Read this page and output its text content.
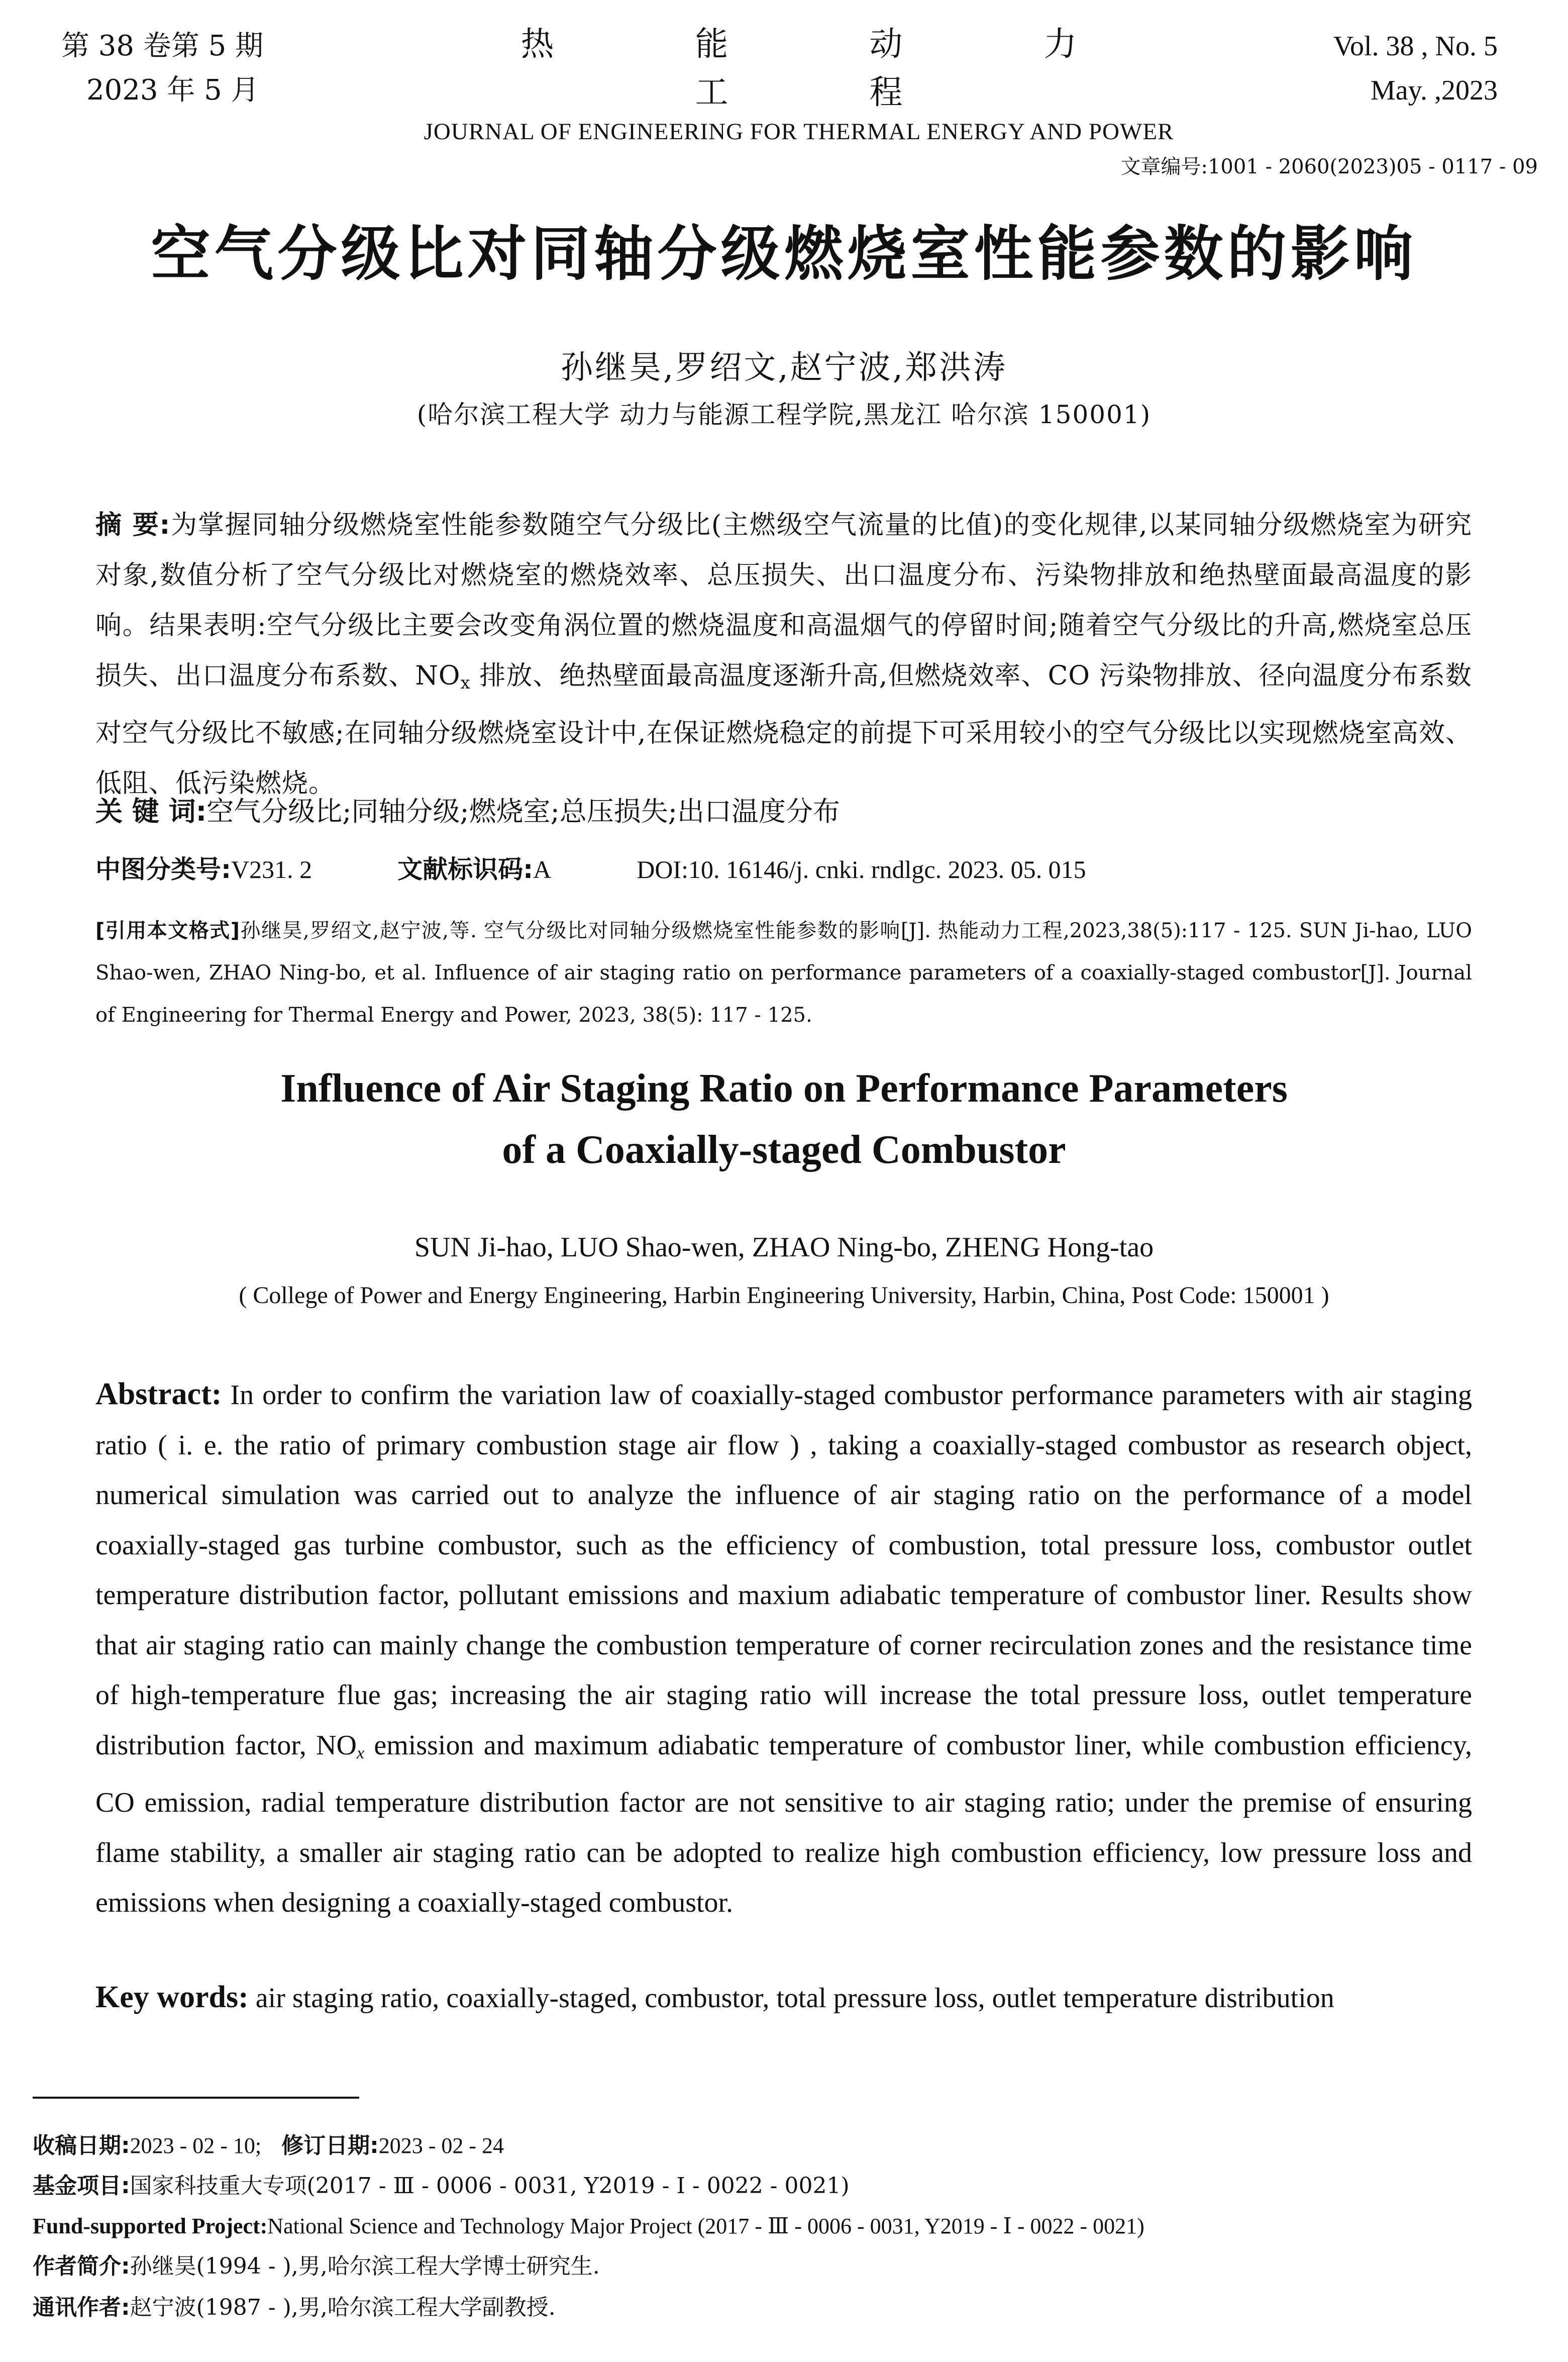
第 38 卷第 5 期
2023 年 5 月
热 能 动 力 工 程
JOURNAL OF ENGINEERING FOR THERMAL ENERGY AND POWER
Vol. 38 , No. 5
May. ,2023
文章编号:1001 - 2060(2023)05 - 0117 - 09
空气分级比对同轴分级燃烧室性能参数的影响
孙继昊,罗绍文,赵宁波,郑洪涛
(哈尔滨工程大学 动力与能源工程学院,黑龙江 哈尔滨 150001)
摘 要:为掌握同轴分级燃烧室性能参数随空气分级比(主燃级空气流量的比值)的变化规律,以某同轴分级燃烧室为研究对象,数值分析了空气分级比对燃烧室的燃烧效率、总压损失、出口温度分布、污染物排放和绝热壁面最高温度的影响。结果表明:空气分级比主要会改变角涡位置的燃烧温度和高温烟气的停留时间;随着空气分级比的升高,燃烧室总压损失、出口温度分布系数、$NO_x$ 排放、绝热壁面最高温度逐渐升高,但燃烧效率、CO 污染物排放、径向温度分布系数对空气分级比不敏感;在同轴分级燃烧室设计中,在保证燃烧稳定的前提下可采用较小的空气分级比以实现燃烧室高效、低阻、低污染燃烧。
关 键 词:空气分级比;同轴分级;燃烧室;总压损失;出口温度分布
中图分类号:V231. 2	文献标识码:A	DOI:10. 16146/j. cnki. rndlgc. 2023. 05. 015
[引用本文格式]孙继昊,罗绍文,赵宁波,等. 空气分级比对同轴分级燃烧室性能参数的影响[J]. 热能动力工程,2023,38(5):117 - 125. SUN Ji-hao, LUO Shao-wen, ZHAO Ning-bo, et al. Influence of air staging ratio on performance parameters of a coaxially-staged combustor[J]. Journal of Engineering for Thermal Energy and Power, 2023, 38(5): 117 - 125.
Influence of Air Staging Ratio on Performance Parameters
of a Coaxially-staged Combustor
SUN Ji-hao, LUO Shao-wen, ZHAO Ning-bo, ZHENG Hong-tao
( College of Power and Energy Engineering, Harbin Engineering University, Harbin, China, Post Code: 150001 )
Abstract: In order to confirm the variation law of coaxially-staged combustor performance parameters with air staging ratio ( i. e. the ratio of primary combustion stage air flow ) , taking a coaxially-staged combustor as research object, numerical simulation was carried out to analyze the influence of air staging ratio on the performance of a model coaxially-staged gas turbine combustor, such as the efficiency of combustion, total pressure loss, combustor outlet temperature distribution factor, pollutant emissions and maxium adiabatic temperature of combustor liner. Results show that air staging ratio can mainly change the combustion temperature of corner recirculation zones and the resistance time of high-temperature flue gas; increasing the air staging ratio will increase the total pressure loss, outlet temperature distribution factor, $NO_x$ emission and maximum adiabatic temperature of combustor liner, while combustion efficiency, CO emission, radial temperature distribution factor are not sensitive to air staging ratio; under the premise of ensuring flame stability, a smaller air staging ratio can be adopted to realize high combustion efficiency, low pressure loss and emissions when designing a coaxially-staged combustor.
Key words: air staging ratio, coaxially-staged, combustor, total pressure loss, outlet temperature distribution
收稿日期:2023 - 02 - 10; 修订日期:2023 - 02 - 24
基金项目:国家科技重大专项(2017 - Ⅲ - 0006 - 0031, Y2019 - Ⅰ - 0022 - 0021)
Fund-supported Project:National Science and Technology Major Project (2017 - Ⅲ - 0006 - 0031, Y2019 - Ⅰ - 0022 - 0021)
作者简介:孙继昊(1994 - ),男,哈尔滨工程大学博士研究生.
通讯作者:赵宁波(1987 - ),男,哈尔滨工程大学副教授.
